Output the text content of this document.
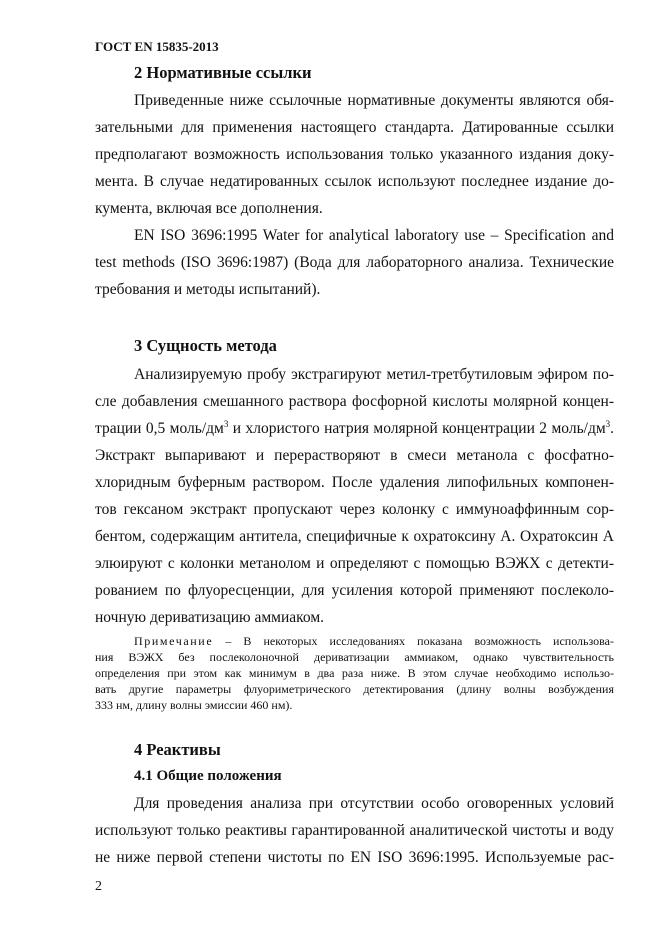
ГОСТ EN 15835-2013
2 Нормативные ссылки
Приведенные ниже ссылочные нормативные документы являются обя-
зательными для применения настоящего стандарта. Датированные ссылки
предполагают возможность использования только указанного издания доку-
мента. В случае недатированных ссылок используют последнее издание до-
кумента, включая все дополнения.
EN ISO 3696:1995 Water for analytical laboratory use – Specification and
test methods (ISO 3696:1987) (Вода для лабораторного анализа. Технические
требования и методы испытаний).
3 Сущность метода
Анализируемую пробу экстрагируют метил-третбутиловым эфиром по-
сле добавления смешанного раствора фосфорной кислоты молярной концен-
трации 0,5 моль/$дм^3$ и хлористого натрия молярной концентрации 2 моль/$дм^3$.
Экстракт выпаривают и перерастворяют в смеси метанола с фосфатно-
хлоридным буферным раствором. После удаления липофильных компонен-
тов гексаном экстракт пропускают через колонку с иммуноаффинным сор-
бентом, содержащим антитела, специфичные к охратоксину А. Охратоксин А
элюируют с колонки метанолом и определяют с помощью ВЭЖХ с детекти-
рованием по флуоресценции, для усиления которой применяют послеколо-
ночную дериватизацию аммиаком.
Примечание – В некоторых исследованиях показана возможность использова-
ния ВЭЖХ без послеколоночной дериватизации аммиаком, однако чувствительность
определения при этом как минимум в два раза ниже. В этом случае необходимо использо-
вать другие параметры флуориметрического детектирования (длину волны возбуждения
333 нм, длину волны эмиссии 460 нм).
4 Реактивы
4.1 Общие положения
Для проведения анализа при отсутствии особо оговоренных условий
используют только реактивы гарантированной аналитической чистоты и воду
не ниже первой степени чистоты по EN ISO 3696:1995. Используемые рас-
2
